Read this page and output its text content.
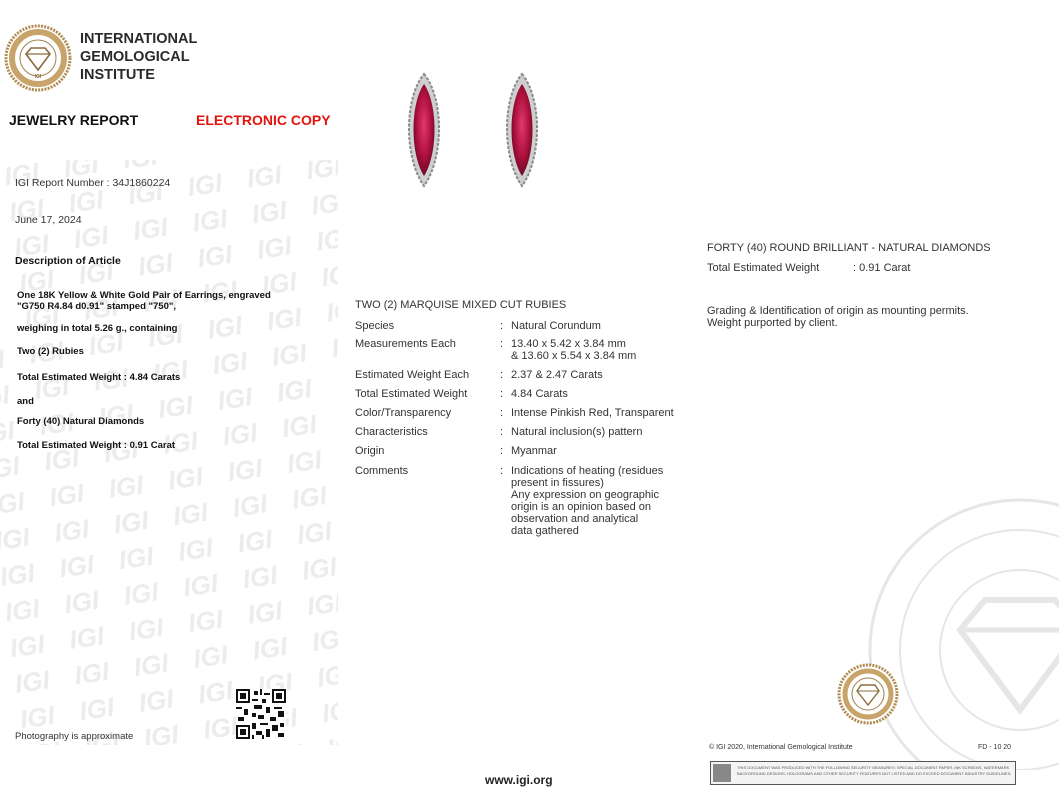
IGI
INTERNATIONAL
GEMOLOGICAL
INSTITUTE
JEWELRY REPORT	ELECTRONIC COPY
IGI Report Number : 34J1860224
June 17, 2024
Description of Article
One 18K Yellow & White Gold Pair of Earrings, engraved
"G750 R4.84 d0.91" stamped "750",
weighing in total 5.26 g., containing
Two (2) Rubies
Total Estimated Weight : 4.84 Carats
and
Forty (40) Natural Diamonds
Total Estimated Weight : 0.91 Carat
Photography is approximate
TWO (2) MARQUISE MIXED CUT RUBIES
Species	: Natural Corundum
Measurements Each	: 13.40 x 5.42 x 3.84 mm
& 13.60 x 5.54 x 3.84 mm
Estimated Weight Each	: 2.37 & 2.47 Carats
Total Estimated Weight	: 4.84 Carats
Color/Transparency	: Intense Pinkish Red, Transparent
Characteristics	: Natural inclusion(s) pattern
Origin	: Myanmar
Comments	: Indications of heating (residues
present in fissures)
Any expression on geographic
origin is an opinion based on
observation and analytical
data gathered
FORTY (40) ROUND BRILLIANT - NATURAL DIAMONDS
Total Estimated Weight	: 0.91 Carat
Grading & Identification of origin as mounting permits.
Weight purported by client.
© IGI 2020, International Gemological Institute	FD - 10 20
THIS DOCUMENT WAS PRODUCED WITH THE FOLLOWING SECURITY MEASURES: SPECIAL DOCUMENT PAPER, INK SCREENS, WATERMARK BACKGROUND DESIGNS, HOLOGRAMS AND OTHER SECURITY FEATURES NOT LISTED AND DO EXCEED DOCUMENT INDUSTRY GUIDELINES.
www.igi.org
